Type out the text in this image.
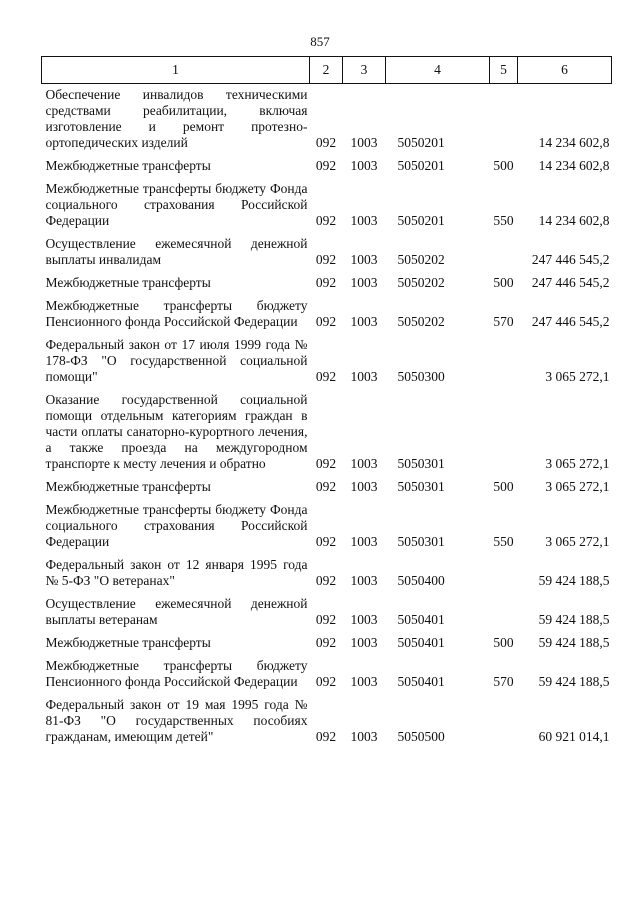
857
1	2	3	4	5	6
Обеспечение инвалидов техническими средствами реабилитации, включая изготовление и ремонт протезно-ортопедических изделий	092	1003	5050201		14 234 602,8
Межбюджетные трансферты	092	1003	5050201	500	14 234 602,8
Межбюджетные трансферты бюджету Фонда социального страхования Российской Федерации	092	1003	5050201	550	14 234 602,8
Осуществление ежемесячной денежной выплаты инвалидам	092	1003	5050202		247 446 545,2
Межбюджетные трансферты	092	1003	5050202	500	247 446 545,2
Межбюджетные трансферты бюджету Пенсионного фонда Российской Федерации	092	1003	5050202	570	247 446 545,2
Федеральный закон от 17 июля 1999 года № 178-ФЗ "О государственной социальной помощи"	092	1003	5050300		3 065 272,1
Оказание государственной социальной помощи отдельным категориям граждан в части оплаты санаторно-курортного лечения, а также проезда на междугородном транспорте к месту лечения и обратно	092	1003	5050301		3 065 272,1
Межбюджетные трансферты	092	1003	5050301	500	3 065 272,1
Межбюджетные трансферты бюджету Фонда социального страхования Российской Федерации	092	1003	5050301	550	3 065 272,1
Федеральный закон от 12 января 1995 года № 5-ФЗ "О ветеранах"	092	1003	5050400		59 424 188,5
Осуществление ежемесячной денежной выплаты ветеранам	092	1003	5050401		59 424 188,5
Межбюджетные трансферты	092	1003	5050401	500	59 424 188,5
Межбюджетные трансферты бюджету Пенсионного фонда Российской Федерации	092	1003	5050401	570	59 424 188,5
Федеральный закон от 19 мая 1995 года № 81-ФЗ "О государственных пособиях гражданам, имеющим детей"	092	1003	5050500		60 921 014,1
